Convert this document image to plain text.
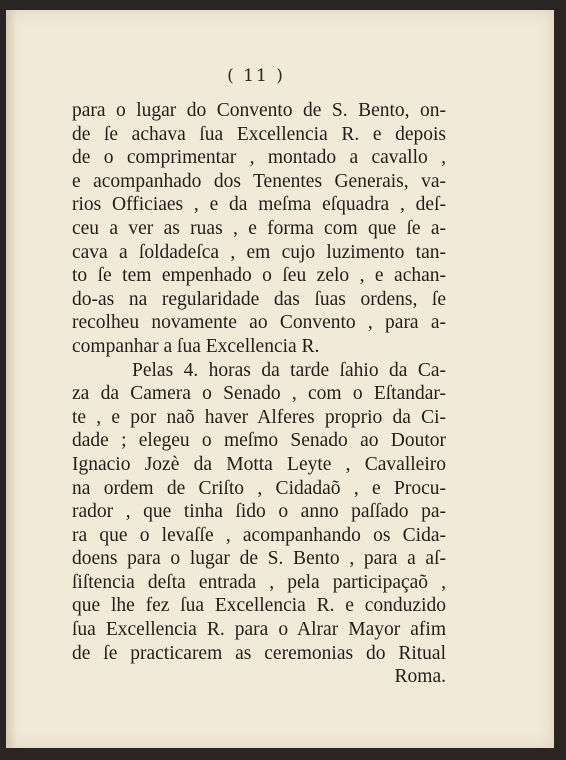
( 11 )
para o lugar do Convento de S. Bento, on-
de ſe achava ſua Excellencia R. e depois
de o comprimentar , montado a cavallo ,
e acompanhado dos Tenentes Generais, va-
rios Officiaes , e da meſma eſquadra , deſ-
ceu a ver as ruas , e forma com que ſe a-
cava a ſoldadeſca , em cujo luzimento tan-
to ſe tem empenhado o ſeu zelo , e achan-
do-as na regularidade das ſuas ordens, ſe
recolheu novamente ao Convento , para a-
companhar a ſua Excellencia R.
Pelas 4. horas da tarde ſahio da Ca-
za da Camera o Senado , com o Eſtandar-
te , e por naõ haver Alferes proprio da Ci-
dade ; elegeu o meſmo Senado ao Doutor
Ignacio Jozè da Motta Leyte , Cavalleiro
na ordem de Criſto , Cidadaõ , e Procu-
rador , que tinha ſido o anno paſſado pa-
ra que o levaſſe , acompanhando os Cida-
doens para o lugar de S. Bento , para a aſ-
ſiſtencia deſta entrada , pela participaçaõ ,
que lhe fez ſua Excellencia R. e conduzido
ſua Excellencia R. para o Alrar Mayor afim
de ſe practicarem as ceremonias do Ritual
Roma.
